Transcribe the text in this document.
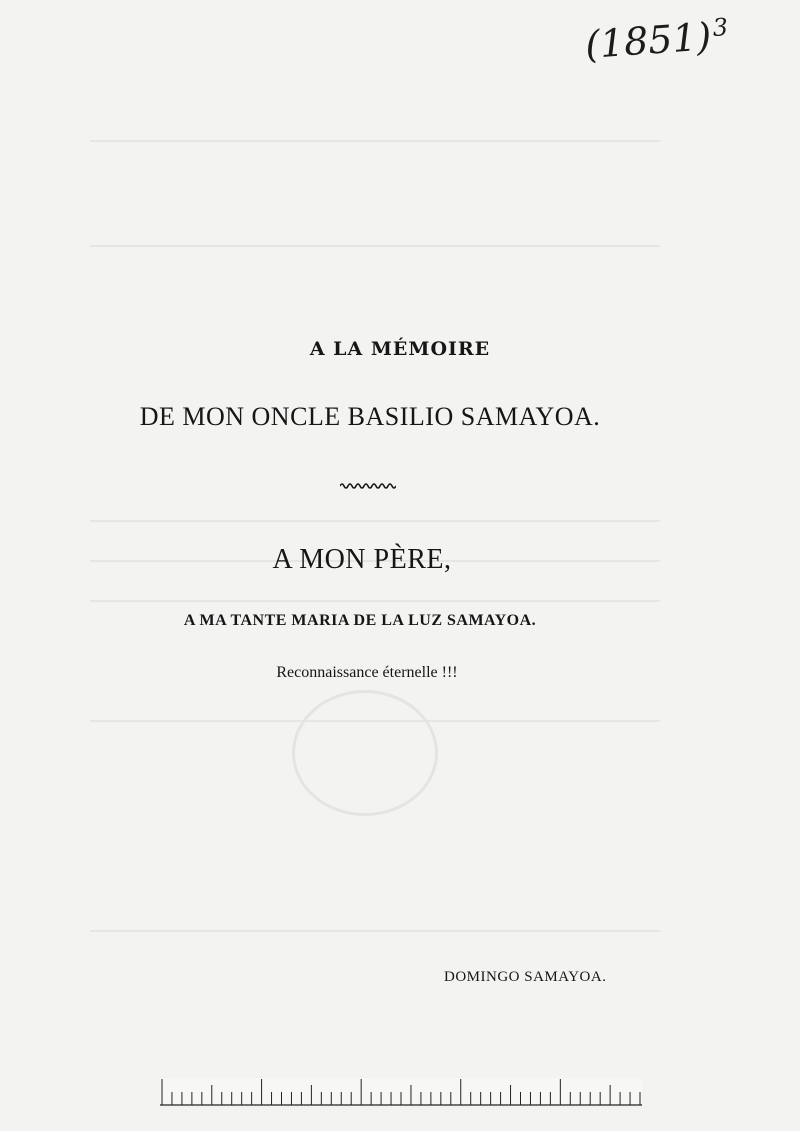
$(1851)^3$
A LA MÉMOIRE
DE MON ONCLE BASILIO SAMAYOA.
A MON PÈRE,
A MA TANTE MARIA DE LA LUZ SAMAYOA.
Reconnaissance éternelle !!!
DOMINGO SAMAYOA.
